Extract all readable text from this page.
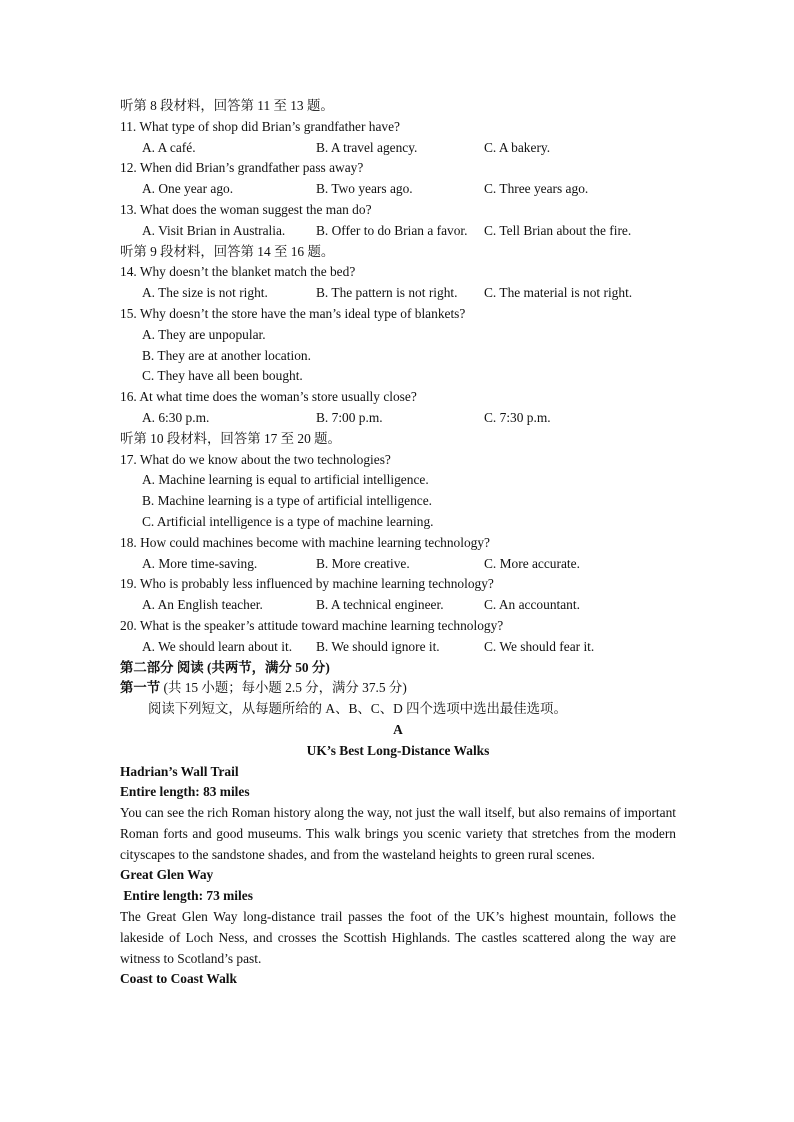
听第 8 段材料，回答第 11 至 13 题。
11. What type of shop did Brian’s grandfather have?
A. A café.	B. A travel agency.	C. A bakery.
12. When did Brian’s grandfather pass away?
A. One year ago.	B. Two years ago.	C. Three years ago.
13. What does the woman suggest the man do?
A. Visit Brian in Australia. B. Offer to do Brian a favor. C. Tell Brian about the fire.
听第 9 段材料，回答第 14 至 16 题。
14. Why doesn’t the blanket match the bed?
A. The size is not right.	B. The pattern is not right. C. The material is not right.
15. Why doesn’t the store have the man’s ideal type of blankets?
A. They are unpopular.
B. They are at another location.
C. They have all been bought.
16. At what time does the woman’s store usually close?
A. 6:30 p.m.	B. 7:00 p.m.	C. 7:30 p.m.
听第 10 段材料，回答第 17 至 20 题。
17. What do we know about the two technologies?
A. Machine learning is equal to artificial intelligence.
B. Machine learning is a type of artificial intelligence.
C. Artificial intelligence is a type of machine learning.
18. How could machines become with machine learning technology?
A. More time-saving.	B. More creative.	C. More accurate.
19. Who is probably less influenced by machine learning technology?
A. An English teacher.	B. A technical engineer.	C. An accountant.
20. What is the speaker’s attitude toward machine learning technology?
A. We should learn about it. B. We should ignore it.	C. We should fear it.
第二部分 阅读 (共两节，满分 50 分)
第一节 (共 15 小题；每小题 2.5 分，满分 37.5 分)
阅读下列短文，从每题所给的 A、B、C、D 四个选项中选出最佳选项。
A
UK’s Best Long-Distance Walks
Hadrian’s Wall Trail
Entire length: 83 miles
You can see the rich Roman history along the way, not just the wall itself, but also remains of important Roman forts and good museums. This walk brings you scenic variety that stretches from the modern cityscapes to the sandstone shades, and from the wasteland heights to green rural scenes.
Great Glen Way
Entire length: 73 miles
The Great Glen Way long-distance trail passes the foot of the UK’s highest mountain, follows the lakeside of Loch Ness, and crosses the Scottish Highlands. The castles scattered along the way are witness to Scotland’s past.
Coast to Coast Walk
